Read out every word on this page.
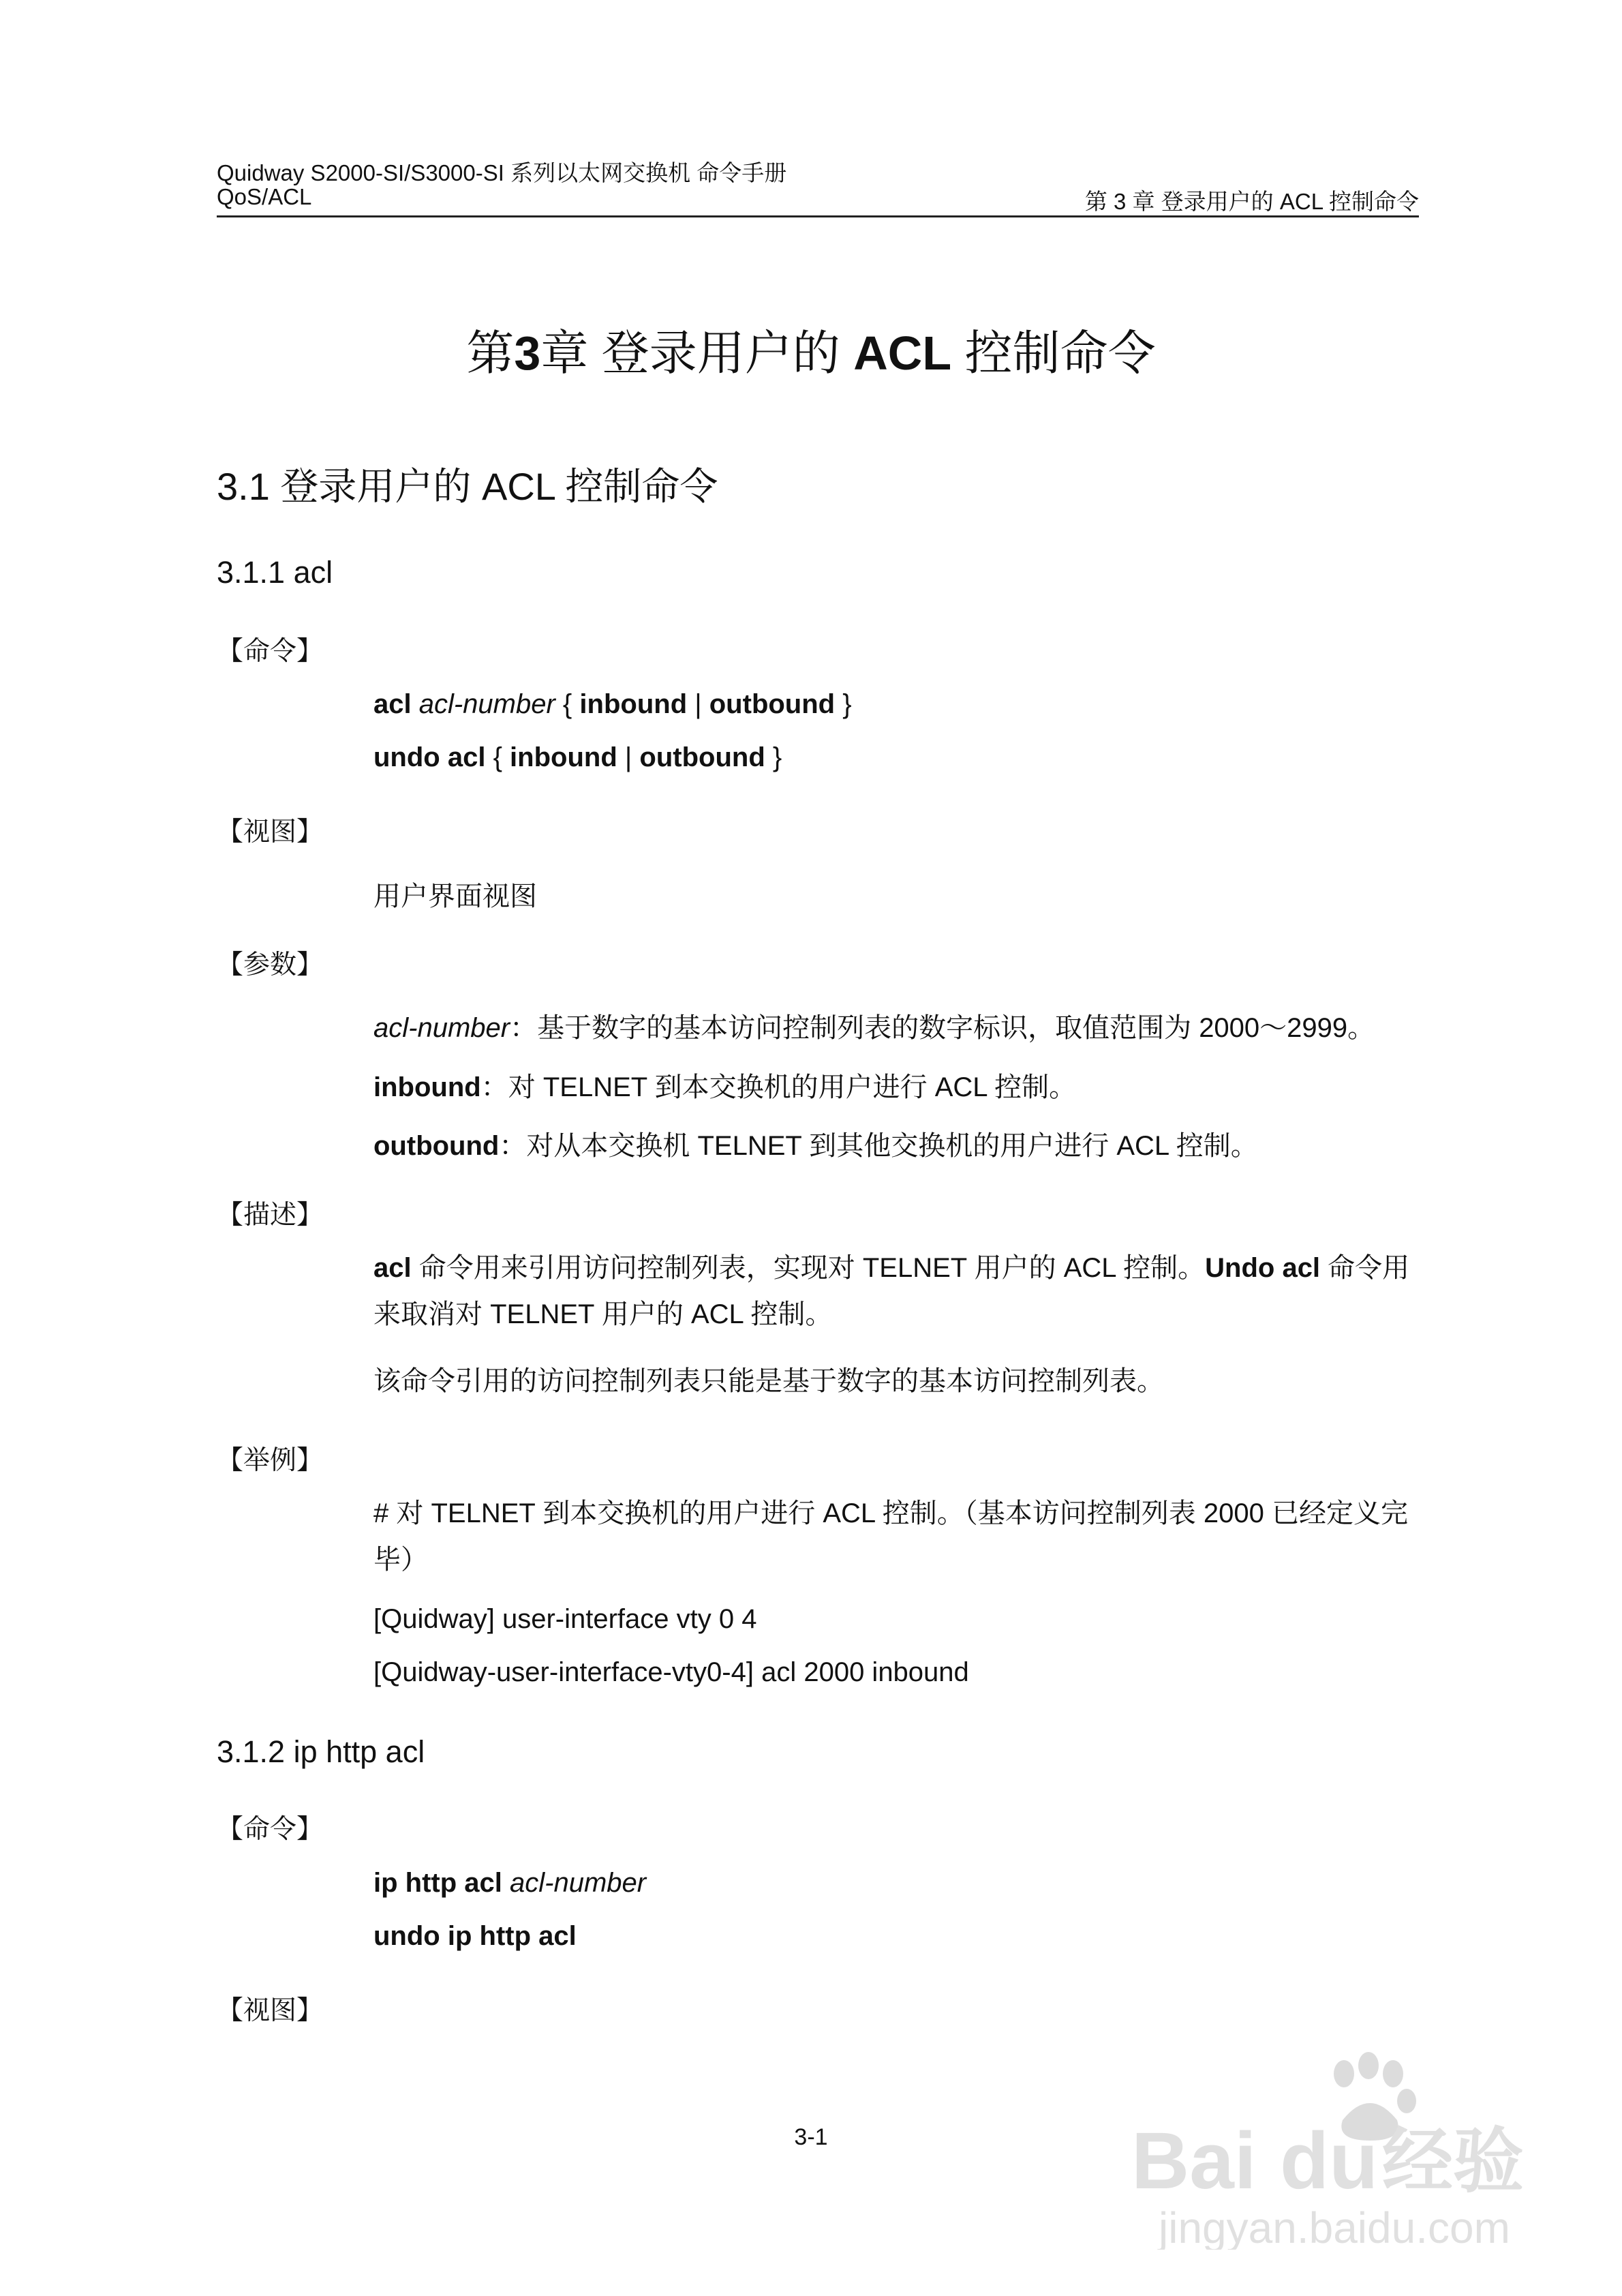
Quidway S2000-SI/S3000-SI 系列以太网交换机 命令手册
QoS/ACL	第 3 章 登录用户的 ACL 控制命令
第3章 登录用户的 ACL 控制命令
3.1 登录用户的 ACL 控制命令
3.1.1 acl
【命令】
acl acl-number { inbound | outbound }
undo acl { inbound | outbound }
【视图】
用户界面视图
【参数】
acl-number：基于数字的基本访问控制列表的数字标识，取值范围为 2000～2999。
inbound：对 TELNET 到本交换机的用户进行 ACL 控制。
outbound：对从本交换机 TELNET 到其他交换机的用户进行 ACL 控制。
【描述】
acl 命令用来引用访问控制列表，实现对 TELNET 用户的 ACL 控制。Undo acl 命令用来取消对 TELNET 用户的 ACL 控制。
该命令引用的访问控制列表只能是基于数字的基本访问控制列表。
【举例】
# 对 TELNET 到本交换机的用户进行 ACL 控制。（基本访问控制列表 2000 已经定义完毕）
[Quidway] user-interface vty 0 4
[Quidway-user-interface-vty0-4] acl 2000 inbound
3.1.2 ip http acl
【命令】
ip http acl acl-number
undo ip http acl
【视图】
3-1	Bai du 经验
jingyan.baidu.com
